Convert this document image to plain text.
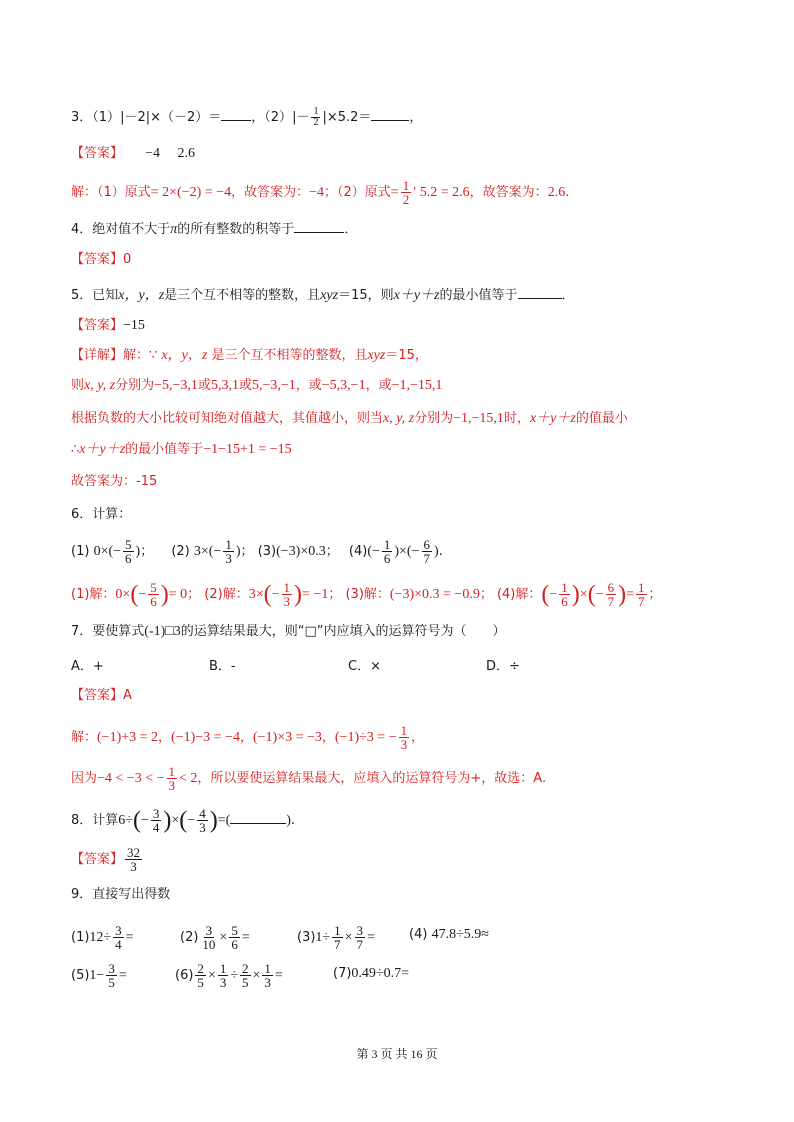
3．（1）|－2|×（－2）＝ ，$(2)|- \frac{1}{2} |\times 5.2=$	，
【答案】 −4　 2.6
解：（1）原式= 2×(−2) = −4，故答案为：−4；（2）原式= $\frac{1}{2}$ ′ 5.2 = 2.6，故答案为：2.6.
4．绝对值不大于π的所有整数的积等于	．
【答案】0
5．已知x，y，z是三个互不相等的整数，且xyz＝15，则x＋y＋z的最小值等于	．
【答案】−15
【详解】解：∵ x，y，z 是三个互不相等的整数，且xyz＝15，
则x, y, z分别为−5,−3,1或5,3,1或5,−3,−1，或−5,3,−1，或−1,−15,1
根据负数的大小比较可知绝对值越大，其值越小，则当x, y, z分别为−1,−15,1时，x＋y＋z的值最小
∴x＋y＋z的最小值等于−1−15+1 = −15
故答案为：-15
6．计算：
(1) $0\times(- \frac{5}{6}$ )； (2) $3\times(- \frac{1}{3}$ )； (3)(−3)×0.3； $(4)(- \frac{1}{6}$ )×(− $\frac{6}{7}$ ).
(1)解：$0\times(- \frac{5}{6}$ )= 0； (2)解：$3\times(- \frac{1}{3}$ )= −1； (3)解：(−3)×0.3 = −0.9； (4)解：(− $\frac{1}{6}$ )×(− $\frac{6}{7}$ )= $\frac{1}{7}$ ；
7．要使算式(-1)□3的运算结果最大，则“□”内应填入的运算符号为（　　）
A．+	B．-	C．×	D．÷
【答案】A
解：(−1)+3 = 2，(−1)−3 = −4，(−1)×3 = −3，(−1)÷3 = − $\frac{1}{3}$ ，
因为−4 < −3 < − $\frac{1}{3} < 2$，所以要使运算结果最大，应填入的运算符号为+，故选：A.
8．计算$6\div(- \frac{3}{4}$ )×(− $\frac{4}{3}$ )=(	).
【答案】 $\frac{32}{3}$
9．直接写出得数
$(1)12\div \frac{3}{4}$ =	$(2) \frac{3}{10} \times \frac{5}{6}$ =	$(3)1\div \frac{1}{7} \times \frac{3}{7}$ =	(4) 47.8÷5.9≈
$(5)1- \frac{3}{5}$ =	$(6) \frac{2}{5} \times \frac{1}{3} \div \frac{2}{5} \times \frac{1}{3}$ =	(7)0.49÷0.7=
第 3 页 共 16 页
